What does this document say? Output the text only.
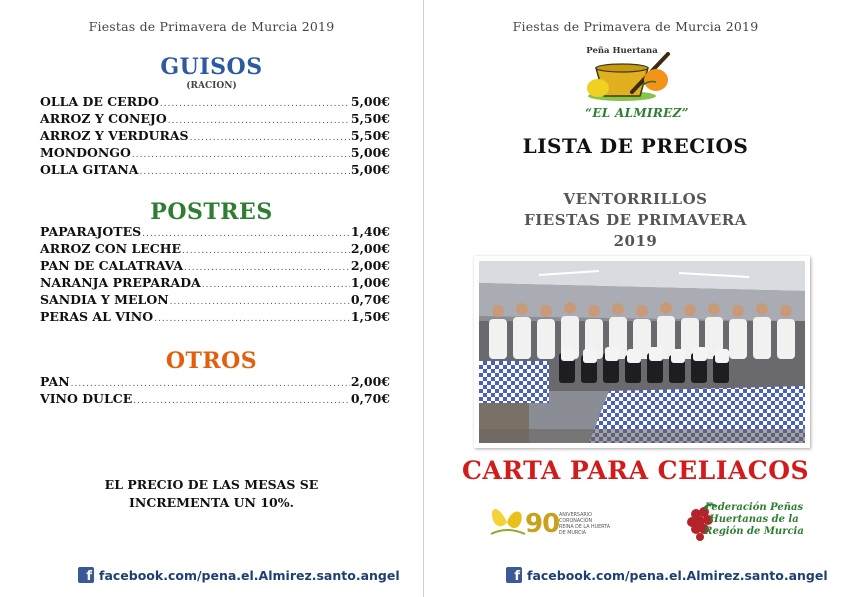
Fiestas de Primavera de Murcia 2019
GUISOS
(RACION)
OLLA DE CERDO .....	5,00€
ARROZ Y CONEJO .....	5,50€
ARROZ Y VERDURAS .....	5,50€
MONDONGO .....	5,00€
OLLA GITANA .....	5,00€
POSTRES
PAPARAJOTES .....	1,40€
ARROZ CON LECHE .....	2,00€
PAN DE CALATRAVA .....	2,00€
NARANJA PREPARADA .....	1,00€
SANDIA Y MELON .....	0,70€
PERAS AL VINO .....	1,50€
OTROS
PAN .....	2,00€
VINO DULCE .....	0,70€
EL PRECIO DE LAS MESAS SE
INCREMENTA UN 10%.
f facebook.com/pena.el.Almirez.santo.angel
Fiestas de Primavera de Murcia 2019
Peña Huertana
“EL ALMIREZ”
LISTA DE PRECIOS
VENTORRILLOS
FIESTAS DE PRIMAVERA
2019
CARTA PARA CELIACOS
90 ANIVERSARIO
CORONACIÓN
REINA DE LA HUERTA
DE MURCIA
Federación Peñas
Huertanas de la
Región de Murcia
f facebook.com/pena.el.Almirez.santo.angel
